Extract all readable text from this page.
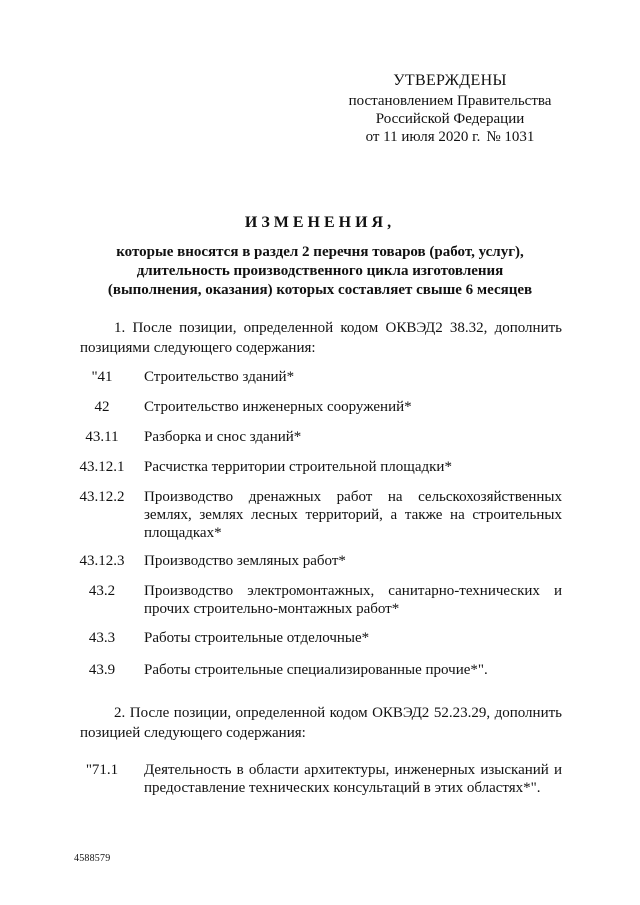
УТВЕРЖДЕНЫ
постановлением Правительства
Российской Федерации
от 11 июля 2020 г. № 1031
ИЗМЕНЕНИЯ,
которые вносятся в раздел 2 перечня товаров (работ, услуг),
длительность производственного цикла изготовления
(выполнения, оказания) которых составляет свыше 6 месяцев
1. После позиции, определенной кодом ОКВЭД2 38.32, дополнить
позициями следующего содержания:
"41	Строительство зданий*
42	Строительство инженерных сооружений*
43.11	Разборка и снос зданий*
43.12.1	Расчистка территории строительной площадки*
43.12.2	Производство дренажных работ на сельскохозяйственных землях, землях лесных территорий, а также на строительных площадках*
43.12.3	Производство земляных работ*
43.2	Производство электромонтажных, санитарно-технических и прочих строительно-монтажных работ*
43.3	Работы строительные отделочные*
43.9	Работы строительные специализированные прочие*".
2. После позиции, определенной кодом ОКВЭД2 52.23.29, дополнить
позицией следующего содержания:
"71.1	Деятельность в области архитектуры, инженерных изысканий и предоставление технических консультаций в этих областях*".
4588579
